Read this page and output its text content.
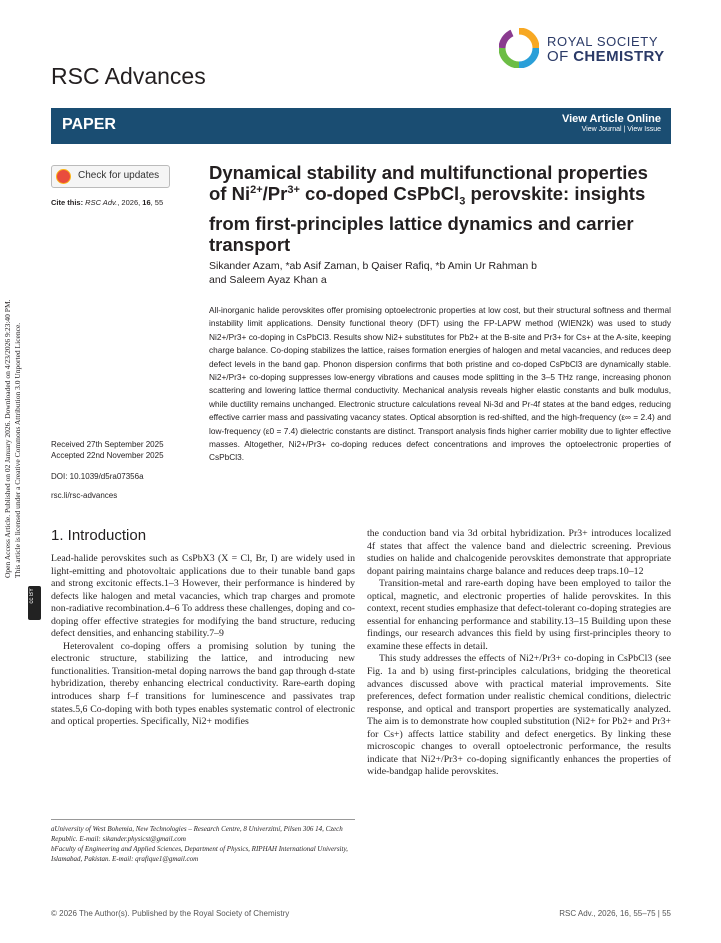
ROYAL SOCIETY
OF CHEMISTRY
RSC Advances
PAPER	View Article Online
View Journal | View Issue
Open Access Article. Published on 02 January 2026. Downloaded on 4/23/2026 9:23:40 PM. This article is licensed under a Creative Commons Attribution 3.0 Unported Licence.
cc BY
Check for updates
Cite this: RSC Adv., 2026, 16, 55
Received 27th September 2025
Accepted 22nd November 2025
DOI: 10.1039/d5ra07356a
rsc.li/rsc-advances
Dynamical stability and multifunctional properties
of $Ni^{2+}/Pr^{3+}$ co-doped CsPbCl$_3$ perovskite: insights
from first-principles lattice dynamics and carrier
transport
Sikander Azam, *ab Asif Zaman, b Qaiser Rafiq, *b Amin Ur Rahman b
and Saleem Ayaz Khan a
All-inorganic halide perovskites offer promising optoelectronic properties at low cost, but their structural softness and thermal instability limit applications. Density functional theory (DFT) using the FP-LAPW method (WIEN2k) was used to study Ni2+/Pr3+ co-doping in CsPbCl3. Results show Ni2+ substitutes for Pb2+ at the B-site and Pr3+ for Cs+ at the A-site, keeping charge balance. Co-doping stabilizes the lattice, raises formation energies of halogen and metal vacancies, and reduces deep defect levels in the band gap. Phonon dispersion confirms that both pristine and co-doped CsPbCl3 are dynamically stable. Ni2+/Pr3+ co-doping suppresses low-energy vibrations and causes mode splitting in the 3–5 THz range, increasing phonon scattering and lowering lattice thermal conductivity. Mechanical analysis reveals higher elastic constants and bulk modulus, while ductility remains unchanged. Electronic structure calculations reveal Ni-3d and Pr-4f states at the band edges, reducing effective carrier mass and passivating vacancy states. Optical absorption is red-shifted, and the high-frequency (ε∞ = 2.4) and low-frequency (ε0 = 7.4) dielectric constants are distinct. Transport analysis finds higher carrier mobility due to lighter effective masses. Altogether, Ni2+/Pr3+ co-doping reduces defect concentrations and improves the optoelectronic properties of CsPbCl3.
1. Introduction

Lead-halide perovskites such as CsPbX3 (X = Cl, Br, I) are widely used in light-emitting and photovoltaic applications due to their tunable band gaps and strong excitonic effects.1–3 However, their performance is hindered by defects like halogen and metal vacancies, which trap charges and promote non-radiative recombination.4–6 To address these challenges, doping and co-doping offer effective strategies for modifying the band structure, reducing defect densities, and enhancing stability.7–9

Heterovalent co-doping offers a promising solution by tuning the electronic structure, stabilizing the lattice, and introducing new functionalities. Transition-metal doping narrows the band gap through d-state hybridization, thereby enhancing electrical conductivity. Rare-earth doping introduces sharp f–f transitions for luminescence and passivates trap states.5,6 Co-doping with both types enables systematic control of electronic and optical properties. Specifically, Ni2+ modifies

the conduction band via 3d orbital hybridization. Pr3+ introduces localized 4f states that affect the valence band and dielectric screening. Previous studies on halide and chalcogenide perovskites demonstrate that appropriate dopant pairing maintains charge balance and reduces deep traps.10–12

Transition-metal and rare-earth doping have been employed to tailor the optical, magnetic, and electronic properties of halide perovskites. In this context, recent studies emphasize that defect-tolerant co-doping strategies are essential for enhancing performance and stability.13–15 Building upon these findings, our research advances this field by using first-principles theory to examine these effects in detail.

This study addresses the effects of Ni2+/Pr3+ co-doping in CsPbCl3 (see Fig. 1a and b) using first-principles calculations, bridging the theoretical advances discussed above with practical material improvements. Site preferences, defect formation under realistic chemical conditions, dielectric response, and optical and transport properties are systematically analyzed. The aim is to demonstrate how coupled substitution (Ni2+ for Pb2+ and Pr3+ for Cs+) affects lattice stability and defect energetics. By linking these microscopic changes to overall optoelectronic performance, the results indicate that Ni2+/Pr3+ co-doping significantly enhances the properties of wide-bandgap halide perovskites.

aUniversity of West Bohemia, New Technologies – Research Centre, 8 Univerzitní, Pilsen 306 14, Czech Republic. E-mail: sikander.physicst@gmail.com
bFaculty of Engineering and Applied Sciences, Department of Physics, RIPHAH International University, Islamabad, Pakistan. E-mail: qrafique1@gmail.com
© 2026 The Author(s). Published by the Royal Society of Chemistry	RSC Adv., 2026, 16, 55–75 | 55
